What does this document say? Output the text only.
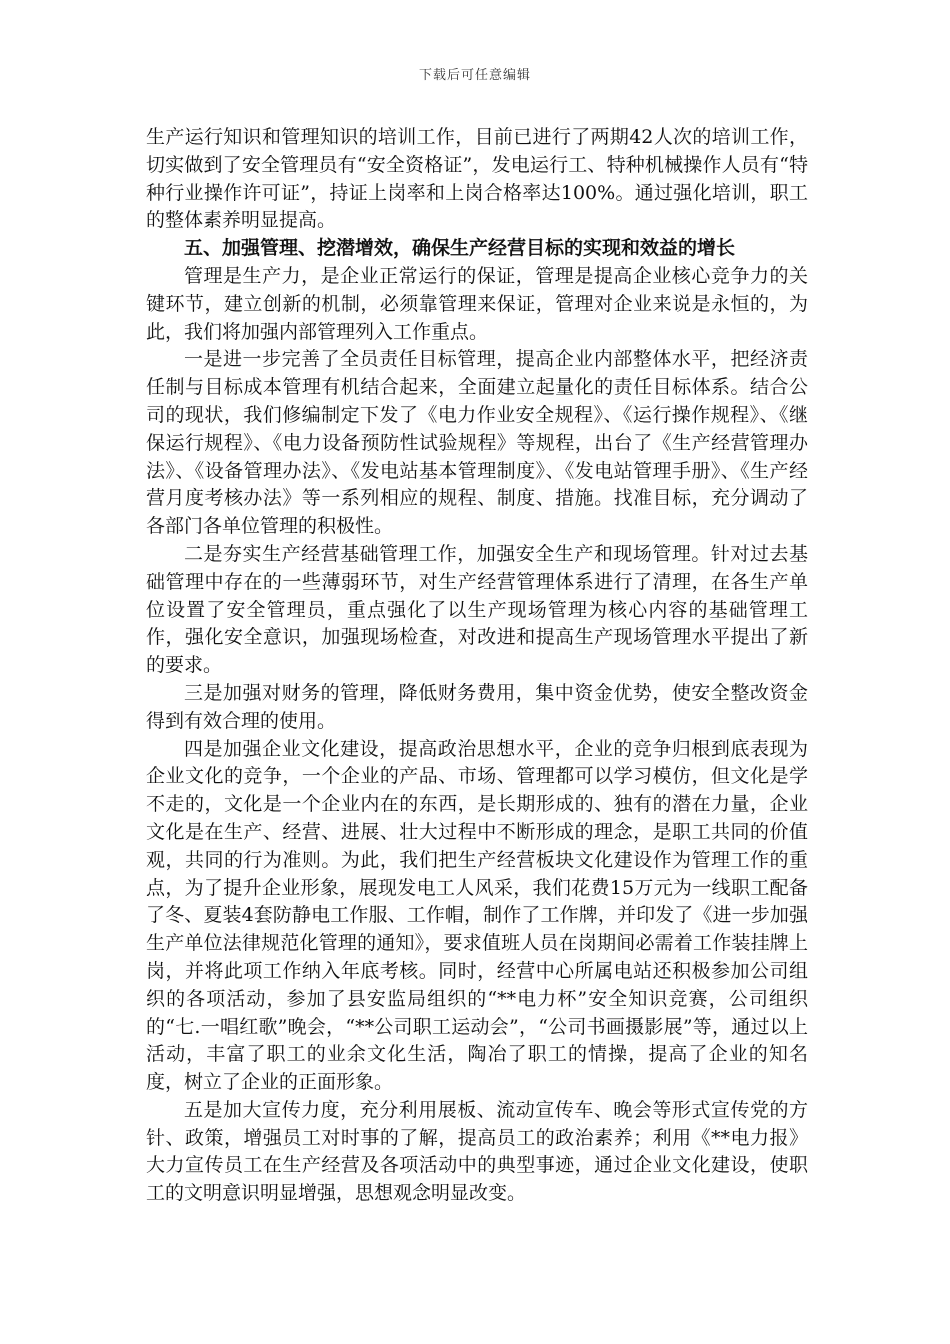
下载后可任意编辑

生产运行知识和管理知识的培训工作，目前已进行了两期42人次的培训工作，切实做到了安全管理员有“安全资格证”，发电运行工、特种机械操作人员有“特种行业操作许可证”，持证上岗率和上岗合格率达100%。通过强化培训，职工的整体素养明显提高。

五、加强管理、挖潜增效，确保生产经营目标的实现和效益的增长

管理是生产力，是企业正常运行的保证，管理是提高企业核心竞争力的关键环节，建立创新的机制，必须靠管理来保证，管理对企业来说是永恒的，为此，我们将加强内部管理列入工作重点。

一是进一步完善了全员责任目标管理，提高企业内部整体水平，把经济责任制与目标成本管理有机结合起来，全面建立起量化的责任目标体系。结合公司的现状，我们修编制定下发了《电力作业安全规程》、《运行操作规程》、《继保运行规程》、《电力设备预防性试验规程》等规程，出台了《生产经营管理办法》、《设备管理办法》、《发电站基本管理制度》、《发电站管理手册》、《生产经营月度考核办法》等一系列相应的规程、制度、措施。找准目标，充分调动了各部门各单位管理的积极性。

二是夯实生产经营基础管理工作，加强安全生产和现场管理。针对过去基础管理中存在的一些薄弱环节，对生产经营管理体系进行了清理，在各生产单位设置了安全管理员，重点强化了以生产现场管理为核心内容的基础管理工作，强化安全意识，加强现场检查，对改进和提高生产现场管理水平提出了新的要求。

三是加强对财务的管理，降低财务费用，集中资金优势，使安全整改资金得到有效合理的使用。

四是加强企业文化建设，提高政治思想水平，企业的竞争归根到底表现为企业文化的竞争，一个企业的产品、市场、管理都可以学习模仿，但文化是学不走的，文化是一个企业内在的东西，是长期形成的、独有的潜在力量，企业文化是在生产、经营、进展、壮大过程中不断形成的理念，是职工共同的价值观，共同的行为准则。为此，我们把生产经营板块文化建设作为管理工作的重点，为了提升企业形象，展现发电工人风采，我们花费15万元为一线职工配备了冬、夏装4套防静电工作服、工作帽，制作了工作牌，并印发了《进一步加强生产单位法律规范化管理的通知》，要求值班人员在岗期间必需着工作装挂牌上岗，并将此项工作纳入年底考核。同时，经营中心所属电站还积极参加公司组织的各项活动，参加了县安监局组织的“**电力杯”安全知识竞赛，公司组织的“七.一唱红歌”晚会，“**公司职工运动会”，“公司书画摄影展”等，通过以上活动，丰富了职工的业余文化生活，陶冶了职工的情操，提高了企业的知名度，树立了企业的正面形象。

五是加大宣传力度，充分利用展板、流动宣传车、晚会等形式宣传党的方针、政策，增强员工对时事的了解，提高员工的政治素养；利用《**电力报》大力宣传员工在生产经营及各项活动中的典型事迹，通过企业文化建设，使职工的文明意识明显增强，思想观念明显改变。
